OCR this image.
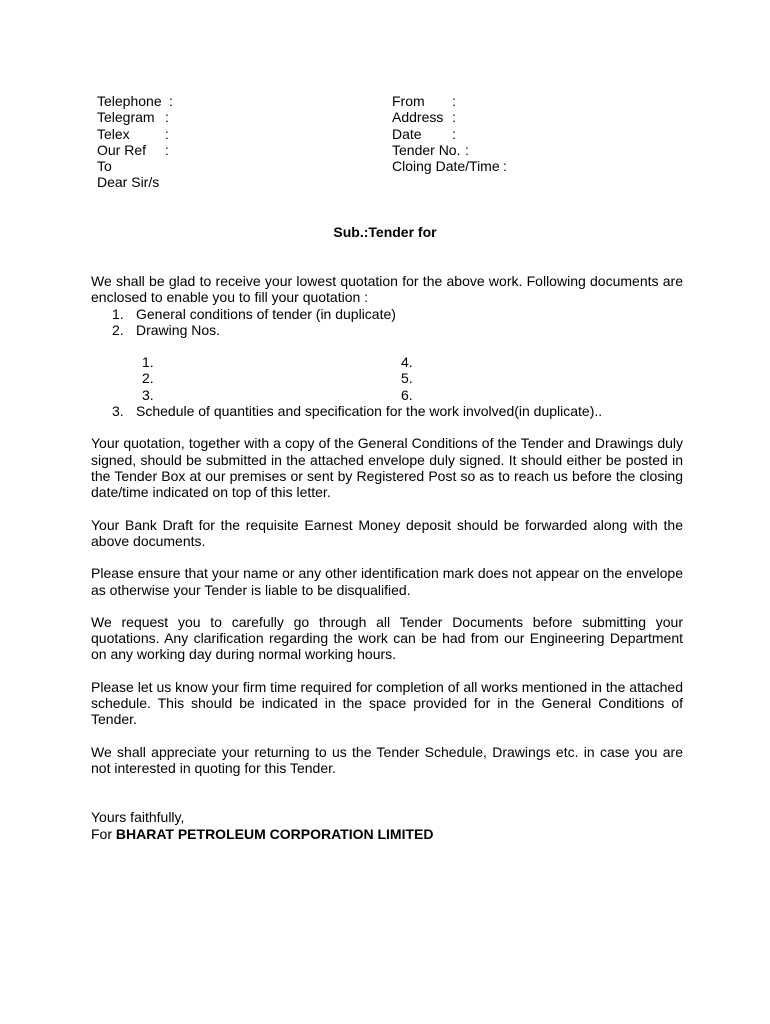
Telephone :
Telegram :
Telex	:
Our Ref :
To
Dear Sir/s
From :
Address :
Date :
Tender No. :
Cloing Date/Time :
Sub.:Tender for

We shall be glad to receive your lowest quotation for the above work. Following documents are enclosed to enable you to fill your quotation :

1. General conditions of tender (in duplicate)
2. Drawing Nos.
1.
2.
3.
4.
5.
6.
3. Schedule of quantities and specification for the work involved(in duplicate)..

Your quotation, together with a copy of the General Conditions of the Tender and Drawings duly signed, should be submitted in the attached envelope duly signed. It should either be posted in the Tender Box at our premises or sent by Registered Post so as to reach us before the closing date/time indicated on top of this letter.

Your Bank Draft for the requisite Earnest Money deposit should be forwarded along with the above documents.

Please ensure that your name or any other identification mark does not appear on the envelope as otherwise your Tender is liable to be disqualified.

We request you to carefully go through all Tender Documents before submitting your quotations. Any clarification regarding the work can be had from our Engineering Department on any working day during normal working hours.

Please let us know your firm time required for completion of all works mentioned in the attached schedule. This should be indicated in the space provided for in the General Conditions of Tender.

We shall appreciate your returning to us the Tender Schedule, Drawings etc. in case you are not interested in quoting for this Tender.

Yours faithfully,
For BHARAT PETROLEUM CORPORATION LIMITED
